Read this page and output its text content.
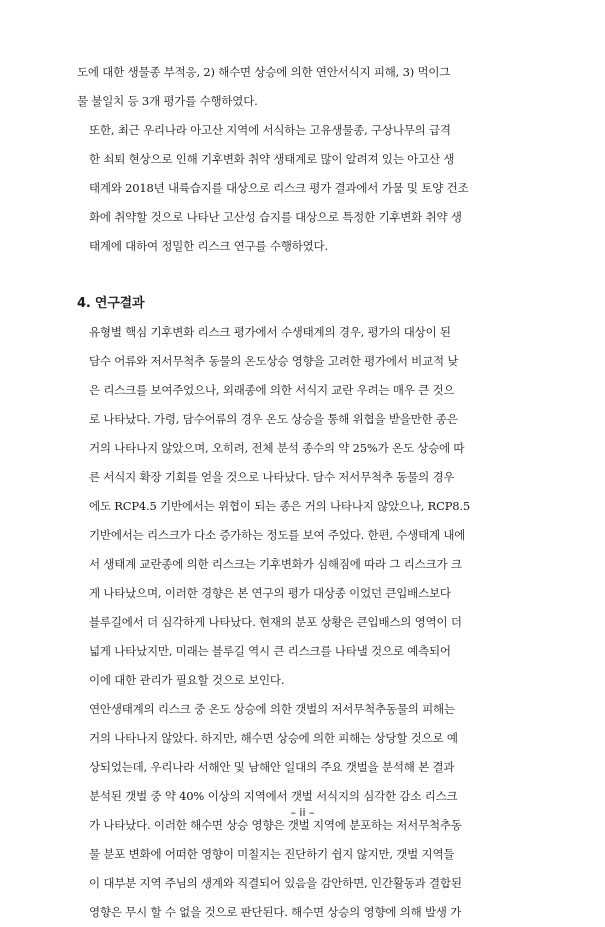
도에 대한 생물종 부적응, 2) 해수면 상승에 의한 연안서식지 피해, 3) 먹이그
물 불일치 등 3개 평가를 수행하였다.

또한, 최근 우리나라 아고산 지역에 서식하는 고유생물종, 구상나무의 급격
한 쇠퇴 현상으로 인해 기후변화 취약 생태계로 많이 알려져 있는 아고산 생
태계와 2018년 내륙습지를 대상으로 리스크 평가 결과에서 가뭄 및 토양 건조
화에 취약할 것으로 나타난 고산성 습지를 대상으로 특정한 기후변화 취약 생
태계에 대하여 정밀한 리스크 연구를 수행하였다.

4. 연구결과

유형별 핵심 기후변화 리스크 평가에서 수생태계의 경우, 평가의 대상이 된
담수 어류와 저서무척추 동물의 온도상승 영향을 고려한 평가에서 비교적 낮
은 리스크를 보여주었으나, 외래종에 의한 서식지 교란 우려는 매우 큰 것으
로 나타났다. 가령, 담수어류의 경우 온도 상승을 통해 위협을 받을만한 종은
거의 나타나지 않았으며, 오히려, 전체 분석 종수의 약 25%가 온도 상승에 따
른 서식지 확장 기회를 얻을 것으로 나타났다. 담수 저서무척추 동물의 경우
에도 RCP4.5 기반에서는 위협이 되는 종은 거의 나타나지 않았으나, RCP8.5
기반에서는 리스크가 다소 증가하는 정도를 보여 주었다. 한편, 수생태계 내에
서 생태계 교란종에 의한 리스크는 기후변화가 심해짐에 따라 그 리스크가 크
게 나타났으며, 이러한 경향은 본 연구의 평가 대상종 이었던 큰입배스보다
블루길에서 더 심각하게 나타났다. 현재의 분포 상황은 큰입배스의 영역이 더
넓게 나타났지만, 미래는 블루길 역시 큰 리스크를 나타낼 것으로 예측되어
이에 대한 관리가 필요할 것으로 보인다.

연안생태계의 리스크 중 온도 상승에 의한 갯벌의 저서무척추동물의 피해는
거의 나타나지 않았다. 하지만, 해수면 상승에 의한 피해는 상당할 것으로 예
상되었는데, 우리나라 서해안 및 남해안 일대의 주요 갯벌을 분석해 본 결과
분석된 갯벌 중 약 40% 이상의 지역에서 갯벌 서식지의 심각한 감소 리스크
가 나타났다. 이러한 해수면 상승 영향은 갯벌 지역에 분포하는 저서무척추동
물 분포 변화에 어떠한 영향이 미칠지는 진단하기 쉽지 않지만, 갯벌 지역들
이 대부분 지역 주님의 생계와 직결되어 있음을 감안하면, 인간활동과 결합된
영향은 무시 할 수 없을 것으로 판단된다. 해수면 상승의 영향에 의해 발생 가

– ii –
